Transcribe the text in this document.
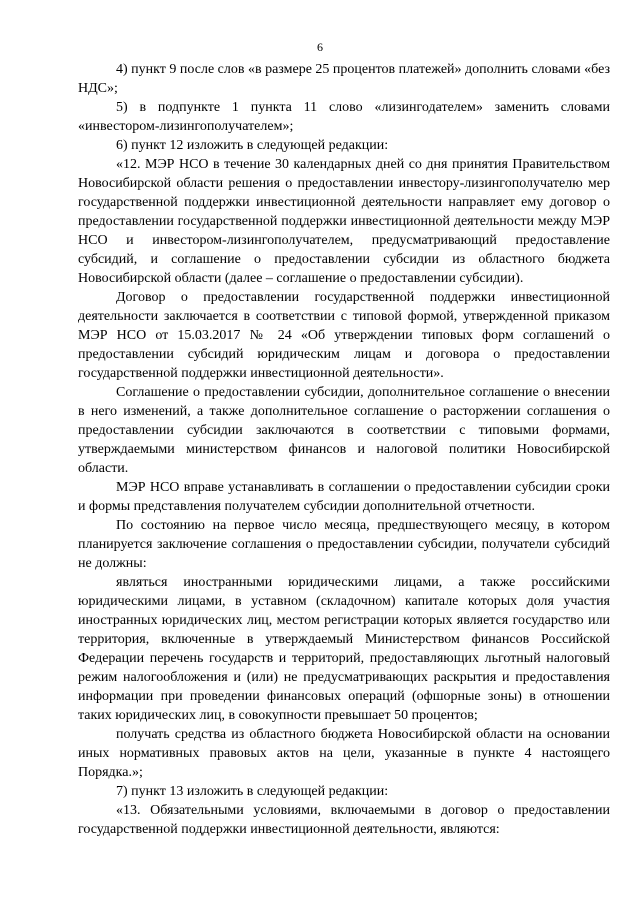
6

4) пункт 9 после слов «в размере 25 процентов платежей» дополнить словами «без НДС»;

5) в подпункте 1 пункта 11 слово «лизингодателем» заменить словами «инвестором-лизингополучателем»;

6) пункт 12 изложить в следующей редакции:

«12. МЭР НСО в течение 30 календарных дней со дня принятия Правительством Новосибирской области решения о предоставлении инвестору-лизингополучателю мер государственной поддержки инвестиционной деятельности направляет ему договор о предоставлении государственной поддержки инвестиционной деятельности между МЭР НСО и инвестором-лизингополучателем, предусматривающий предоставление субсидий, и соглашение о предоставлении субсидии из областного бюджета Новосибирской области (далее – соглашение о предоставлении субсидии).

Договор о предоставлении государственной поддержки инвестиционной деятельности заключается в соответствии с типовой формой, утвержденной приказом МЭР НСО от 15.03.2017 № 24 «Об утверждении типовых форм соглашений о предоставлении субсидий юридическим лицам и договора о предоставлении государственной поддержки инвестиционной деятельности».

Соглашение о предоставлении субсидии, дополнительное соглашение о внесении в него изменений, а также дополнительное соглашение о расторжении соглашения о предоставлении субсидии заключаются в соответствии с типовыми формами, утверждаемыми министерством финансов и налоговой политики Новосибирской области.

МЭР НСО вправе устанавливать в соглашении о предоставлении субсидии сроки и формы представления получателем субсидии дополнительной отчетности.

По состоянию на первое число месяца, предшествующего месяцу, в котором планируется заключение соглашения о предоставлении субсидии, получатели субсидий не должны:

являться иностранными юридическими лицами, а также российскими юридическими лицами, в уставном (складочном) капитале которых доля участия иностранных юридических лиц, местом регистрации которых является государство или территория, включенные в утверждаемый Министерством финансов Российской Федерации перечень государств и территорий, предоставляющих льготный налоговый режим налогообложения и (или) не предусматривающих раскрытия и предоставления информации при проведении финансовых операций (офшорные зоны) в отношении таких юридических лиц, в совокупности превышает 50 процентов;

получать средства из областного бюджета Новосибирской области на основании иных нормативных правовых актов на цели, указанные в пункте 4 настоящего Порядка.»;

7) пункт 13 изложить в следующей редакции:

«13. Обязательными условиями, включаемыми в договор о предоставлении государственной поддержки инвестиционной деятельности, являются:
